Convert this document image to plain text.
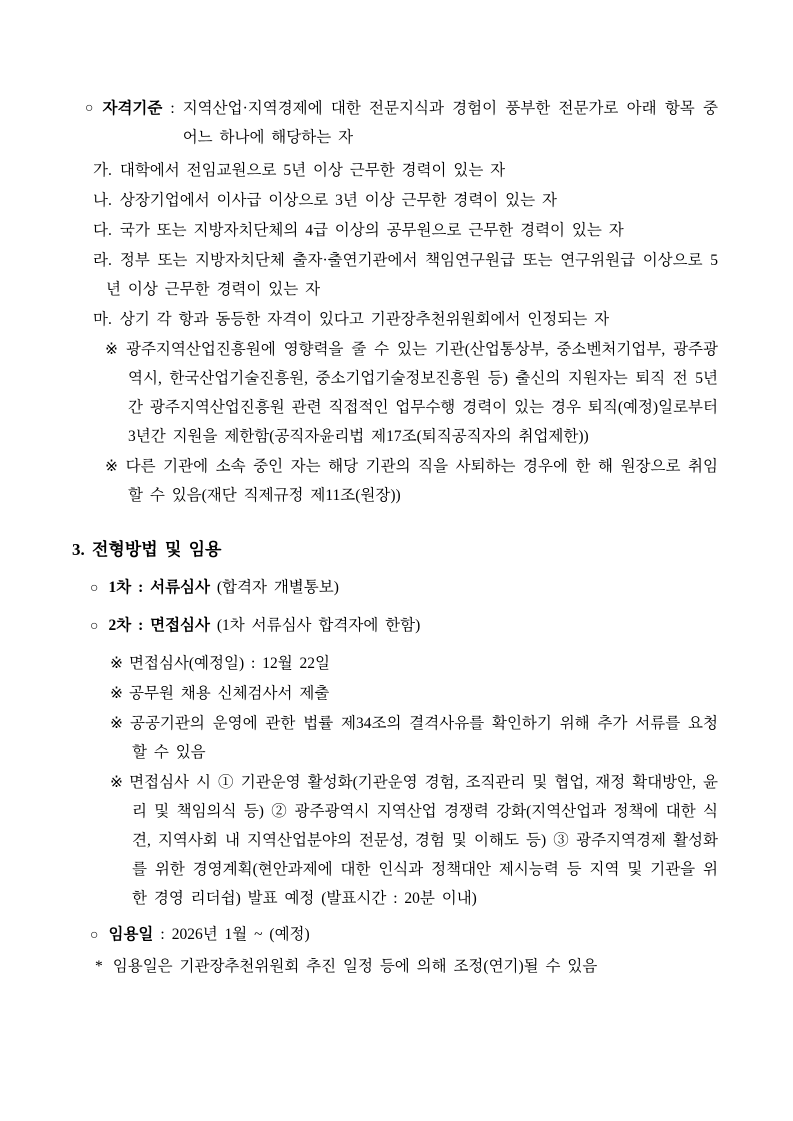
○ 자격기준 : 지역산업·지역경제에 대한 전문지식과 경험이 풍부한 전문가로 아래 항목 중 어느 하나에 해당하는 자
가. 대학에서 전임교원으로 5년 이상 근무한 경력이 있는 자
나. 상장기업에서 이사급 이상으로 3년 이상 근무한 경력이 있는 자
다. 국가 또는 지방자치단체의 4급 이상의 공무원으로 근무한 경력이 있는 자
라. 정부 또는 지방자치단체 출자·출연기관에서 책임연구원급 또는 연구위원급 이상으로 5년 이상 근무한 경력이 있는 자
마. 상기 각 항과 동등한 자격이 있다고 기관장추천위원회에서 인정되는 자
※ 광주지역산업진흥원에 영향력을 줄 수 있는 기관(산업통상부, 중소벤처기업부, 광주광역시, 한국산업기술진흥원, 중소기업기술정보진흥원 등) 출신의 지원자는 퇴직 전 5년간 광주지역산업진흥원 관련 직접적인 업무수행 경력이 있는 경우 퇴직(예정)일로부터 3년간 지원을 제한함(공직자윤리법 제17조(퇴직공직자의 취업제한))
※ 다른 기관에 소속 중인 자는 해당 기관의 직을 사퇴하는 경우에 한 해 원장으로 취임할 수 있음(재단 직제규정 제11조(원장))
3. 전형방법 및 임용
○ 1차 : 서류심사 (합격자 개별통보)
○ 2차 : 면접심사 (1차 서류심사 합격자에 한함)
※ 면접심사(예정일) : 12월 22일
※ 공무원 채용 신체검사서 제출
※ 공공기관의 운영에 관한 법률 제34조의 결격사유를 확인하기 위해 추가 서류를 요청할 수 있음
※ 면접심사 시 ① 기관운영 활성화(기관운영 경험, 조직관리 및 협업, 재정 확대방안, 윤리 및 책임의식 등) ② 광주광역시 지역산업 경쟁력 강화(지역산업과 정책에 대한 식견, 지역사회 내 지역산업분야의 전문성, 경험 및 이해도 등) ③ 광주지역경제 활성화를 위한 경영계획(현안과제에 대한 인식과 정책대안 제시능력 등 지역 및 기관을 위한 경영 리더쉽) 발표 예정 (발표시간 : 20분 이내)
○ 임용일 : 2026년 1월 ~ (예정)
* 임용일은 기관장추천위원회 추진 일정 등에 의해 조정(연기)될 수 있음
